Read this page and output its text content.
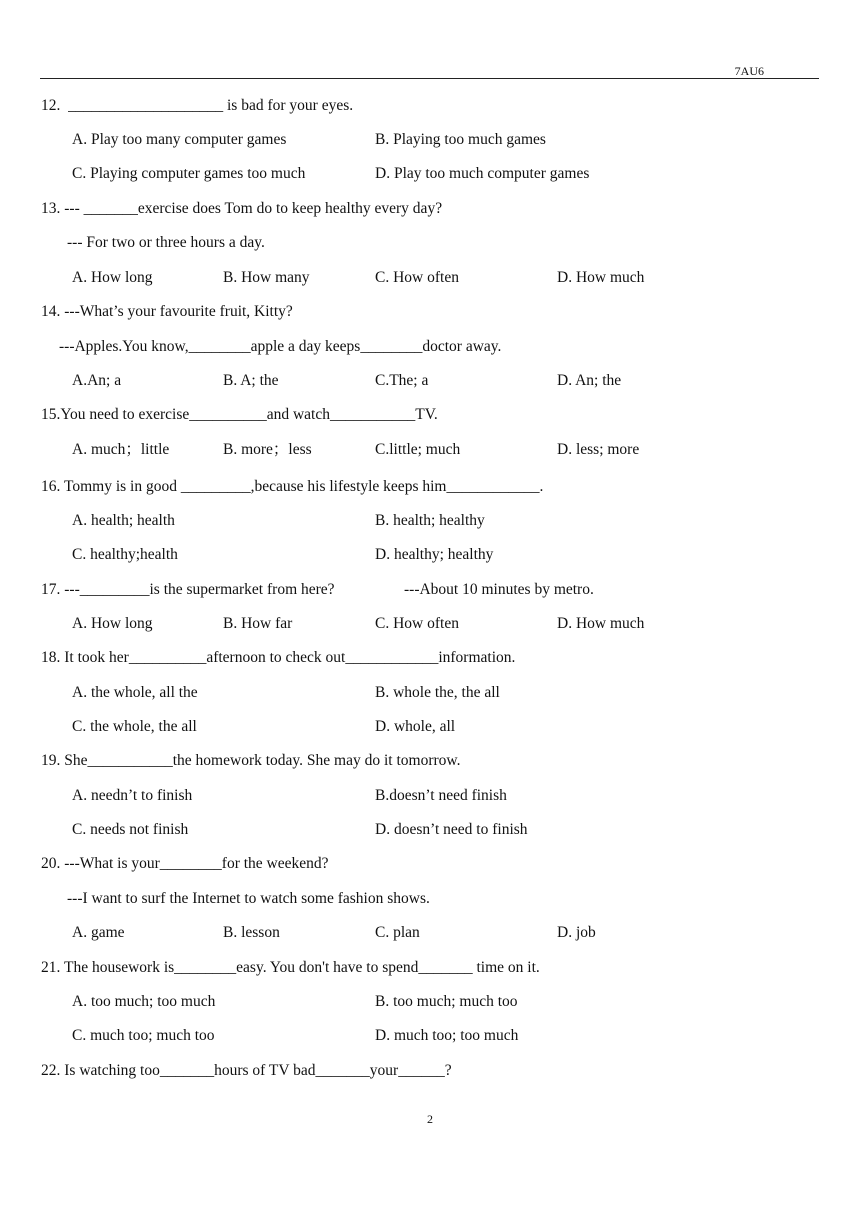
7AU6
12.  ____________________ is bad for your eyes.
A. Play too many computer games	B. Playing too much games
C. Playing computer games too much	D. Play too much computer games
13. --- _______exercise does Tom do to keep healthy every day?
--- For two or three hours a day.
A. How long	B. How many	C. How often	D. How much
14. ---What’s your favourite fruit, Kitty?
---Apples.You know,________apple a day keeps________doctor away.
A.An; a	B. A; the	C.The; a	D. An; the
15.You need to exercise__________and watch___________TV.
A. much；little	B. more；less	C.little; much	D. less; more
16. Tommy is in good _________,because his lifestyle keeps him____________.
A. health; health	B. health; healthy
C. healthy;health	D. healthy; healthy
17. ---_________is the supermarket from here?	---About 10 minutes by metro.
A. How long	B. How far	C. How often	D. How much
18. It took her__________afternoon to check out____________information.
A. the whole, all the	B. whole the, the all
C. the whole, the all	D. whole, all
19. She___________the homework today. She may do it tomorrow.
A. needn’t to finish	B.doesn’t need finish
C. needs not finish	D. doesn’t need to finish
20. ---What is your________for the weekend?
---I want to surf the Internet to watch some fashion shows.
A. game	B. lesson	C. plan	D. job
21. The housework is________easy. You don't have to spend_______ time on it.
A. too much; too much	B. too much; much too
C. much too; much too	D. much too; too much
22. Is watching too_______hours of TV bad_______your______?
2
